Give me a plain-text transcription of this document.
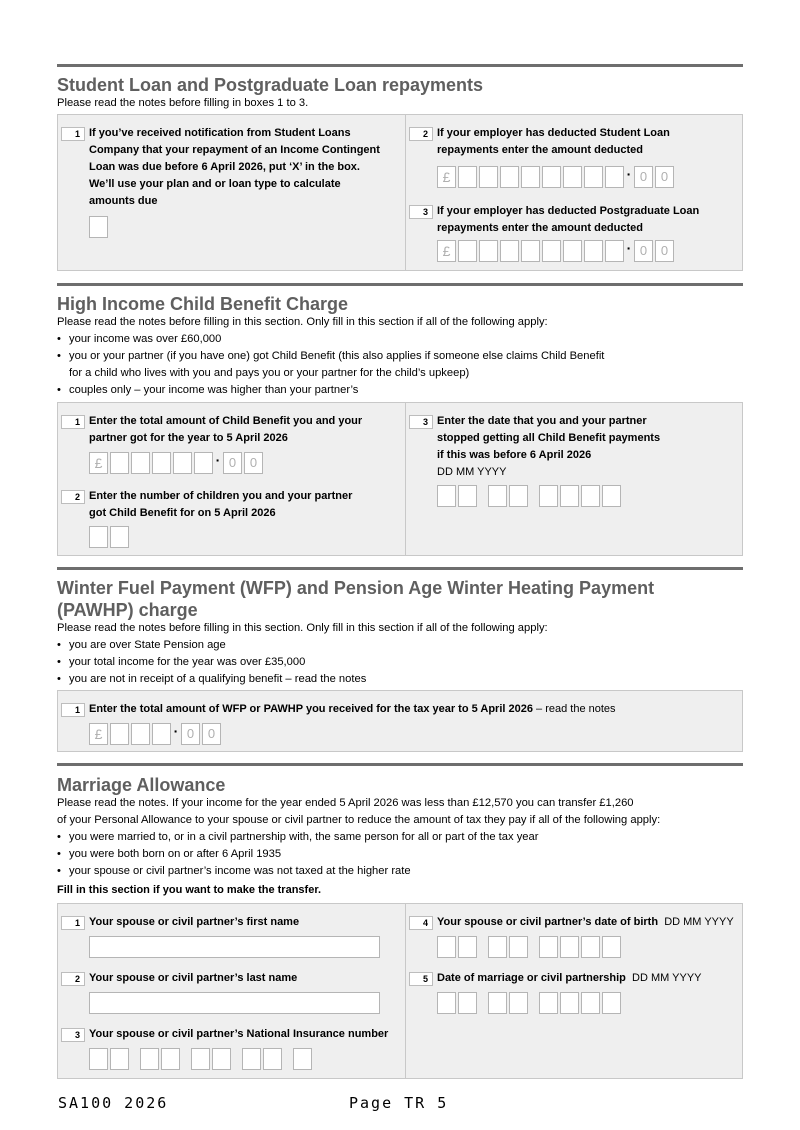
Student Loan and Postgraduate Loan repayments
Please read the notes before filling in boxes 1 to 3.
1 If you’ve received notification from Student Loans
Company that your repayment of an Income Contingent
Loan was due before 6 April 2026, put ‘X’ in the box.
We’ll use your plan and or loan type to calculate
amounts due
2 If your employer has deducted Student Loan
repayments enter the amount deducted
£	· 0	0
3 If your employer has deducted Postgraduate Loan
repayments enter the amount deducted
£	· 0	0
High Income Child Benefit Charge
Please read the notes before filling in this section. Only fill in this section if all of the following apply:
• your income was over £60,000
• you or your partner (if you have one) got Child Benefit (this also applies if someone else claims Child Benefit
for a child who lives with you and pays you or your partner for the child’s upkeep)
• couples only – your income was higher than your partner’s
1 Enter the total amount of Child Benefit you and your
partner got for the year to 5 April 2026
£	· 0	0
2 Enter the number of children you and your partner
got Child Benefit for on 5 April 2026
3 Enter the date that you and your partner
stopped getting all Child Benefit payments
if this was before 6 April 2026
DD MM YYYY
Winter Fuel Payment (WFP) and Pension Age Winter Heating Payment
(PAWHP) charge
Please read the notes before filling in this section. Only fill in this section if all of the following apply:
• you are over State Pension age
• your total income for the year was over £35,000
• you are not in receipt of a qualifying benefit – read the notes
1 Enter the total amount of WFP or PAWHP you received for the tax year to 5 April 2026 – read the notes
£	· 0	0
Marriage Allowance
Please read the notes. If your income for the year ended 5 April 2026 was less than £12,570 you can transfer £1,260
of your Personal Allowance to your spouse or civil partner to reduce the amount of tax they pay if all of the following apply:
• you were married to, or in a civil partnership with, the same person for all or part of the tax year
• you were both born on or after 6 April 1935
• your spouse or civil partner’s income was not taxed at the higher rate
Fill in this section if you want to make the transfer.
1 Your spouse or civil partner’s first name
2 Your spouse or civil partner’s last name
3 Your spouse or civil partner’s National Insurance number
4 Your spouse or civil partner’s date of birth DD MM YYYY
5 Date of marriage or civil partnership DD MM YYYY
SA100 2026	Page TR 5
